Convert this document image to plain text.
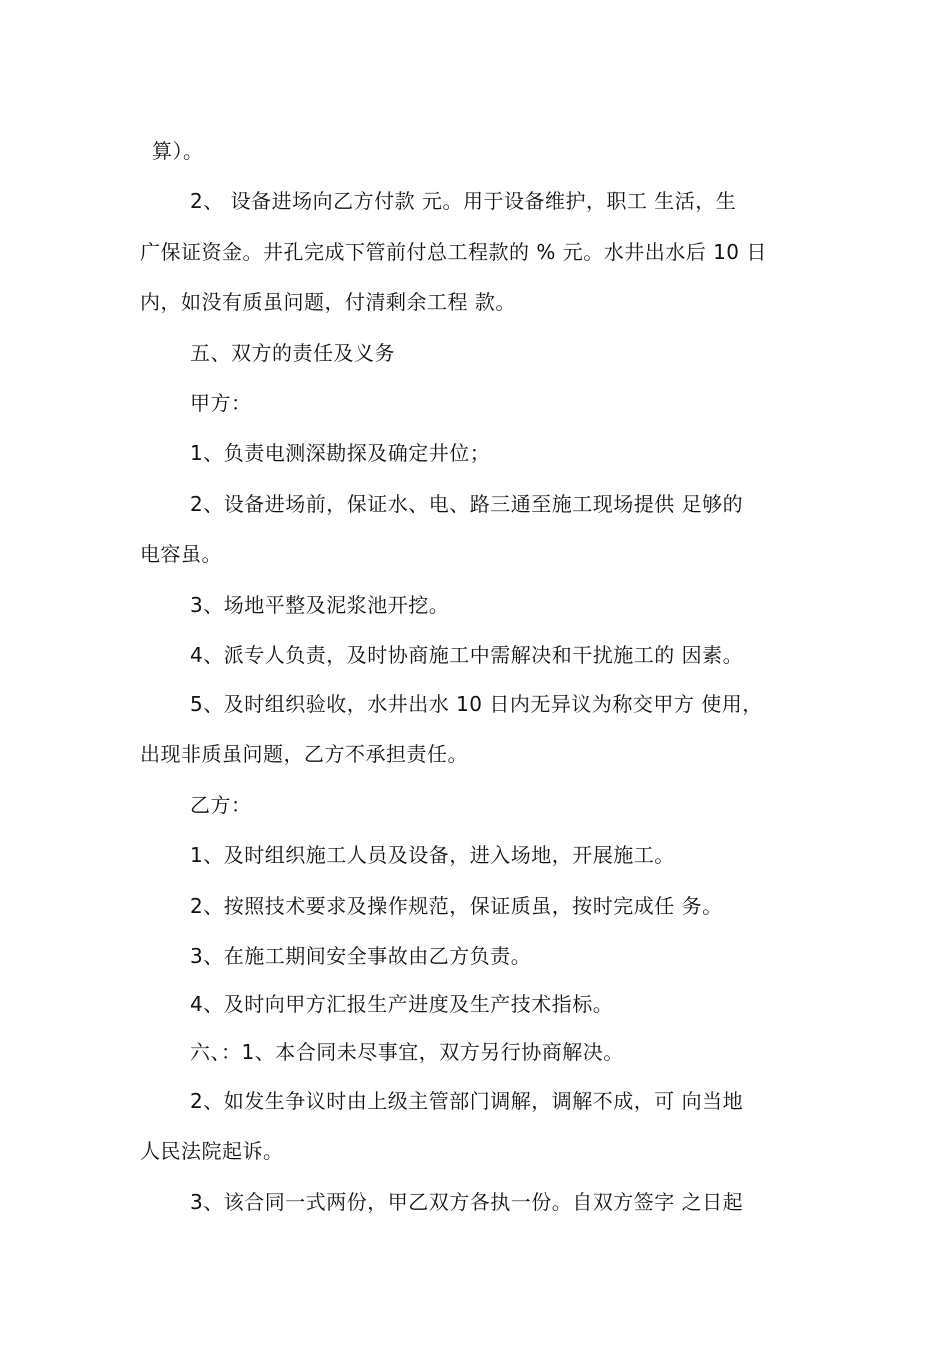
算）。
2、 设备进场向乙方付款 元。用于设备维护，职工 生活，生
广保证资金。井孔完成下管前付总工程款的 % 元。水井出水后 10 日
内，如没有质虽问题，付清剩余工程 款。
五、双方的责任及义务
甲方：
1、负责电测深勘探及确定井位；
2、设备进场前，保证水、电、路三通至施工现场提供 足够的
电容虽。
3、场地平整及泥浆池开挖。
4、派专人负责，及时协商施工中需解决和干扰施工的 因素。
5、及时组织验收，水井出水 10 日内无异议为称交甲方 使用，
出现非质虽问题，乙方不承担责任。
乙方：
1、及时组织施工人员及设备，进入场地，开展施工。
2、按照技术要求及操作规范，保证质虽，按时完成任 务。
3、在施工期间安全事故由乙方负责。
4、及时向甲方汇报生产进度及生产技术指标。
六、：1、本合同未尽事宜，双方另行协商解决。
2、如发生争议时由上级主管部门调解，调解不成，可 向当地
人民法院起诉。
3、该合同一式两份，甲乙双方各执一份。自双方签字 之日起
